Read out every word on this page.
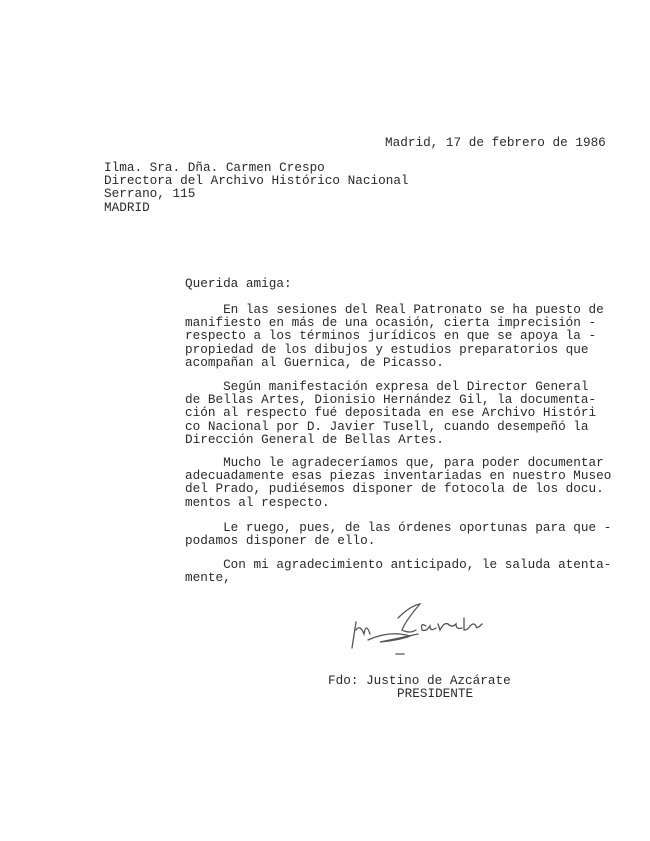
Madrid, 17 de febrero de 1986
Ilma. Sra. Dña. Carmen Crespo
Directora del Archivo Histórico Nacional
Serrano, 115
MADRID
Querida amiga:
En las sesiones del Real Patronato se ha puesto de
manifiesto en más de una ocasión, cierta imprecisión -
respecto a los términos jurídicos en que se apoya la -
propiedad de los dibujos y estudios preparatorios que
acompañan al Guernica, de Picasso.
Según manifestación expresa del Director General
de Bellas Artes, Dionisio Hernández Gil, la documenta-
ción al respecto fué depositada en ese Archivo Históri
co Nacional por D. Javier Tusell, cuando desempeñó la
Dirección General de Bellas Artes.
Mucho le agradeceríamos que, para poder documentar
adecuadamente esas piezas inventariadas en nuestro Museo
del Prado, pudiésemos disponer de fotocola de los docu.
mentos al respecto.
Le ruego, pues, de las órdenes oportunas para que -
podamos disponer de ello.
Con mi agradecimiento anticipado, le saluda atenta-
mente,
Fdo: Justino de Azcárate
PRESIDENTE
